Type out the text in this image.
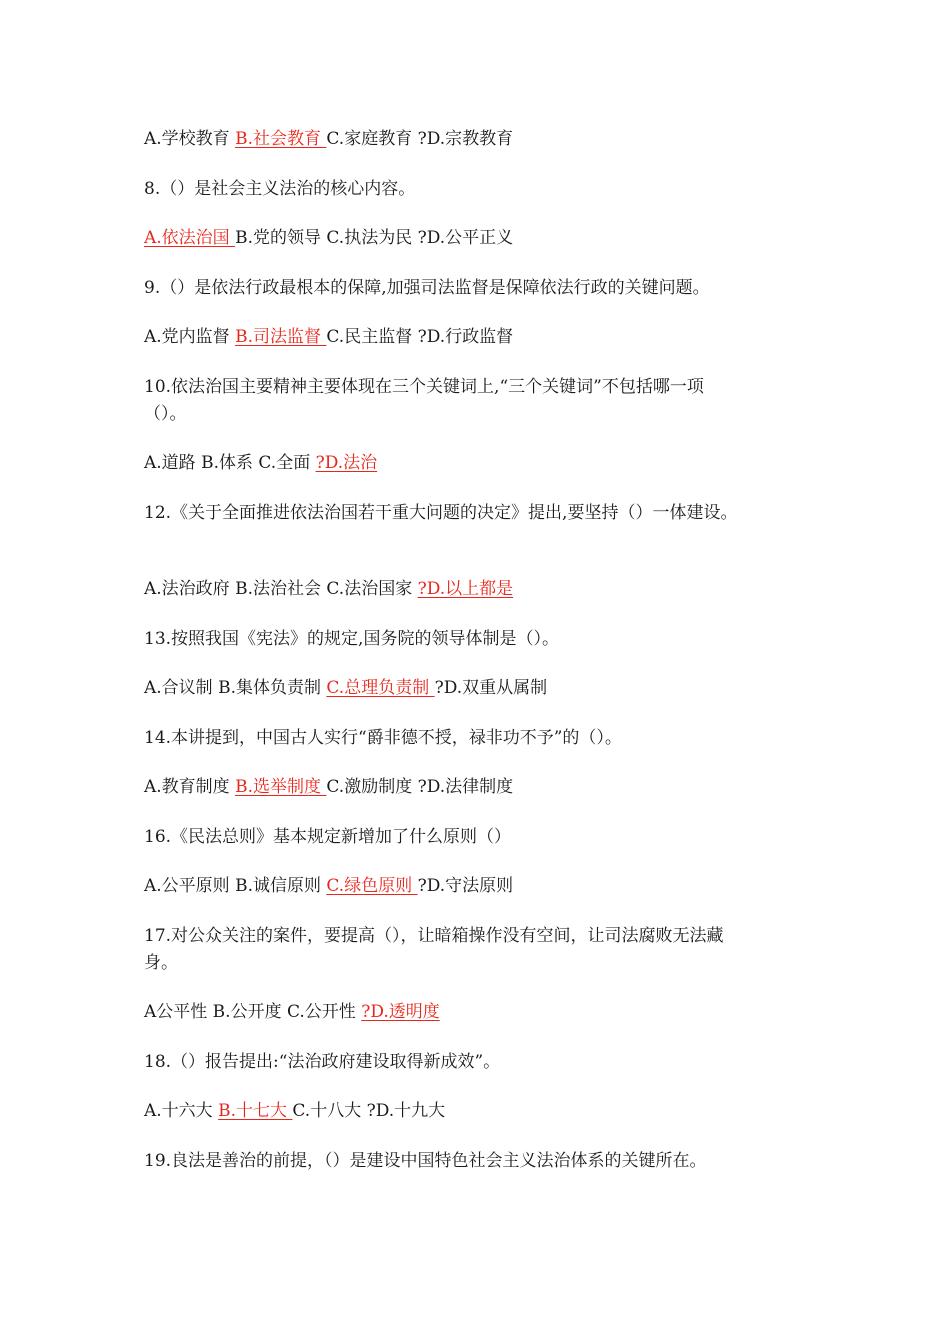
A.学校教育 B.社会教育 C.家庭教育 ?D.宗教教育
8.（）是社会主义法治的核心内容。
A.依法治国 B.党的领导 C.执法为民 ?D.公平正义
9.（）是依法行政最根本的保障,加强司法监督是保障依法行政的关键问题。
A.党内监督 B.司法监督 C.民主监督 ?D.行政监督
10.依法治国主要精神主要体现在三个关键词上,“三个关键词”不包括哪一项
（）。
A.道路 B.体系 C.全面 ?D.法治
12.《关于全面推进依法治国若干重大问题的决定》提出,要坚持（）一体建设。
A.法治政府 B.法治社会 C.法治国家 ?D.以上都是
13.按照我国《宪法》的规定,国务院的领导体制是（）。
A.合议制 B.集体负责制 C.总理负责制 ?D.双重从属制
14.本讲提到，中国古人实行“爵非德不授，禄非功不予”的（）。
A.教育制度 B.选举制度 C.激励制度 ?D.法律制度
16.《民法总则》基本规定新增加了什么原则（）
A.公平原则 B.诚信原则 C.绿色原则 ?D.守法原则
17.对公众关注的案件，要提高（），让暗箱操作没有空间，让司法腐败无法藏
身。
A公平性 B.公开度 C.公开性 ?D.透明度
18.（）报告提出:“法治政府建设取得新成效”。
A.十六大 B.十七大 C.十八大 ?D.十九大
19.良法是善治的前提，（）是建设中国特色社会主义法治体系的关键所在。
